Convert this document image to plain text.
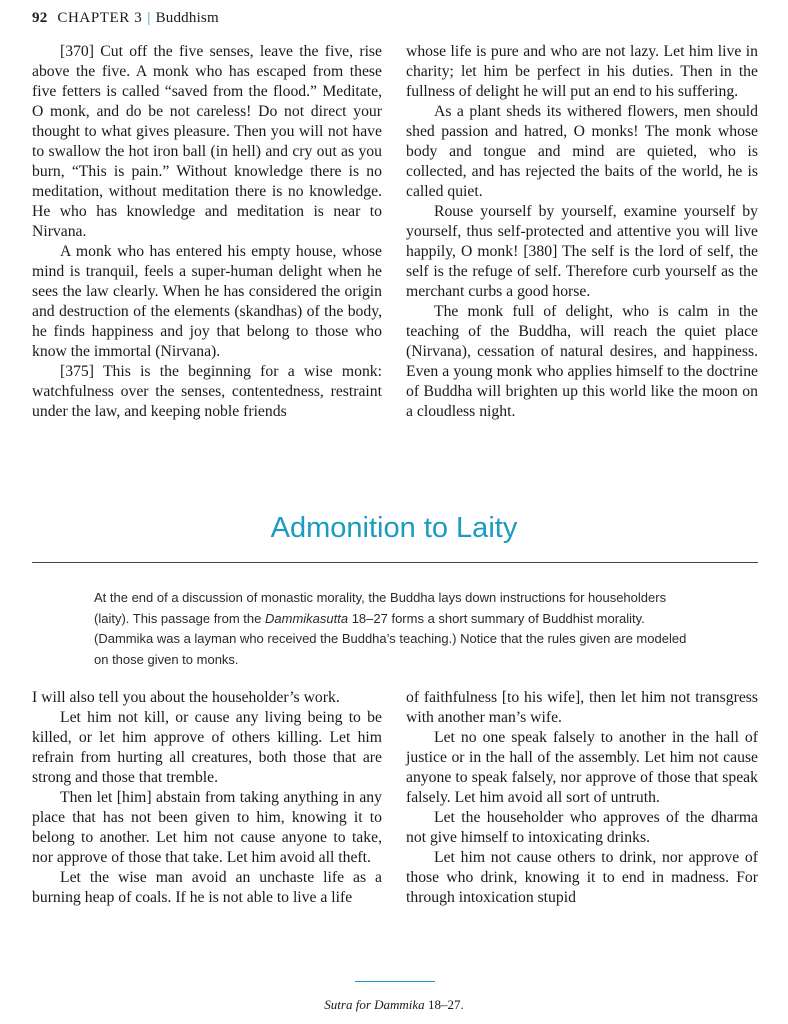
92 CHAPTER 3 | Buddhism

[370] Cut off the five senses, leave the five, rise above the five. A monk who has escaped from these five fetters is called “saved from the flood.” Meditate, O monk, and do be not careless! Do not direct your thought to what gives pleasure. Then you will not have to swallow the hot iron ball (in hell) and cry out as you burn, “This is pain.” Without knowledge there is no meditation, without meditation there is no knowledge. He who has knowledge and meditation is near to Nirvana.

A monk who has entered his empty house, whose mind is tranquil, feels a super-human delight when he sees the law clearly. When he has considered the origin and destruction of the elements (skandhas) of the body, he finds happiness and joy that belong to those who know the immortal (Nirvana).

[375] This is the beginning for a wise monk: watchfulness over the senses, contentedness, restraint under the law, and keeping noble friends

whose life is pure and who are not lazy. Let him live in charity; let him be perfect in his duties. Then in the fullness of delight he will put an end to his suffering.

As a plant sheds its withered flowers, men should shed passion and hatred, O monks! The monk whose body and tongue and mind are quieted, who is collected, and has rejected the baits of the world, he is called quiet.

Rouse yourself by yourself, examine yourself by yourself, thus self-protected and attentive you will live happily, O monk! [380] The self is the lord of self, the self is the refuge of self. Therefore curb yourself as the merchant curbs a good horse.

The monk full of delight, who is calm in the teaching of the Buddha, will reach the quiet place (Nirvana), cessation of natural desires, and happiness. Even a young monk who applies himself to the doctrine of Buddha will brighten up this world like the moon on a cloudless night.

Admonition to Laity
At the end of a discussion of monastic morality, the Buddha lays down instructions for householders (laity). This passage from the Dammikasutta 18–27 forms a short summary of Buddhist morality. (Dammika was a layman who received the Buddha’s teaching.) Notice that the rules given are modeled on those given to monks.

I will also tell you about the householder’s work.

Let him not kill, or cause any living being to be killed, or let him approve of others killing. Let him refrain from hurting all creatures, both those that are strong and those that tremble.

Then let [him] abstain from taking anything in any place that has not been given to him, knowing it to belong to another. Let him not cause anyone to take, nor approve of those that take. Let him avoid all theft.

Let the wise man avoid an unchaste life as a burning heap of coals. If he is not able to live a life

of faithfulness [to his wife], then let him not transgress with another man’s wife.

Let no one speak falsely to another in the hall of justice or in the hall of the assembly. Let him not cause anyone to speak falsely, nor approve of those that speak falsely. Let him avoid all sort of untruth.

Let the householder who approves of the dharma not give himself to intoxicating drinks.

Let him not cause others to drink, nor approve of those who drink, knowing it to end in madness. For through intoxication stupid

Sutra for Dammika 18–27.
